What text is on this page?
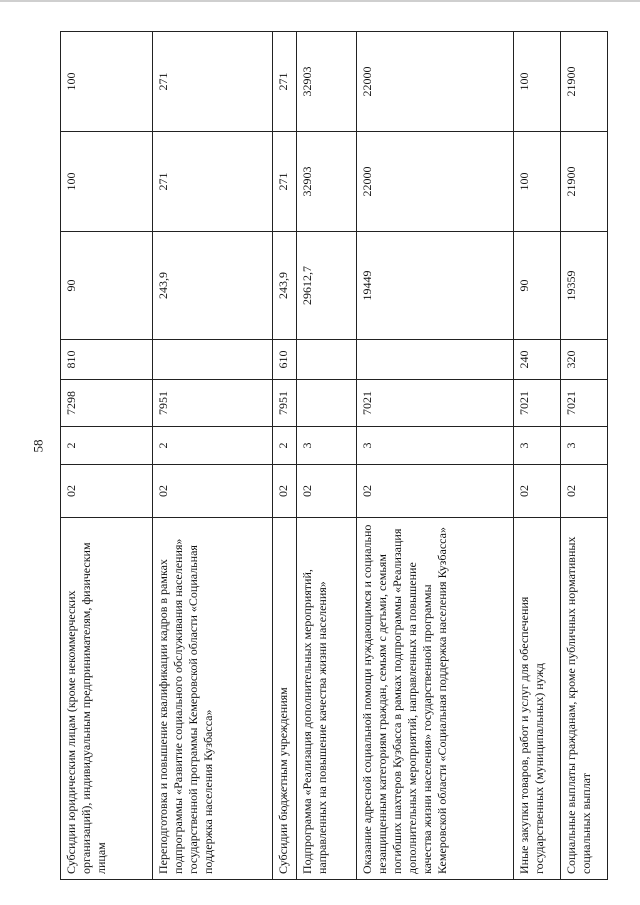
58
Субсидии юридическим лицам (кроме некоммерческих организаций), индивидуальным предпринимателям, физическим лицам	02	2	7298	810	90	100	100
Переподготовка и повышение квалификации кадров в рамках подпрограммы «Развитие социального обслуживания населения» государственной программы Кемеровской области «Социальная поддержка населения Кузбасса»	02	2	7951		243,9	271	271
Субсидии бюджетным учреждениям	02	2	7951	610	243,9	271	271
Подпрограмма «Реализация дополнительных мероприятий, направленных на повышение качества жизни населения»	02	3			29612,7	32903	32903
Оказание адресной социальной помощи нуждающимся и социально незащищенным категориям граждан, семьям с детьми, семьям погибших шахтеров Кузбасса в рамках подпрограммы «Реализация дополнительных мероприятий, направленных на повышение качества жизни населения» государственной программы Кемеровской области «Социальная поддержка населения Кузбасса»	02	3	7021		19449	22000	22000
Иные закупки товаров, работ и услуг для обеспечения государственных (муниципальных) нужд	02	3	7021	240	90	100	100
Социальные выплаты гражданам, кроме публичных нормативных социальных выплат	02	3	7021	320	19359	21900	21900
